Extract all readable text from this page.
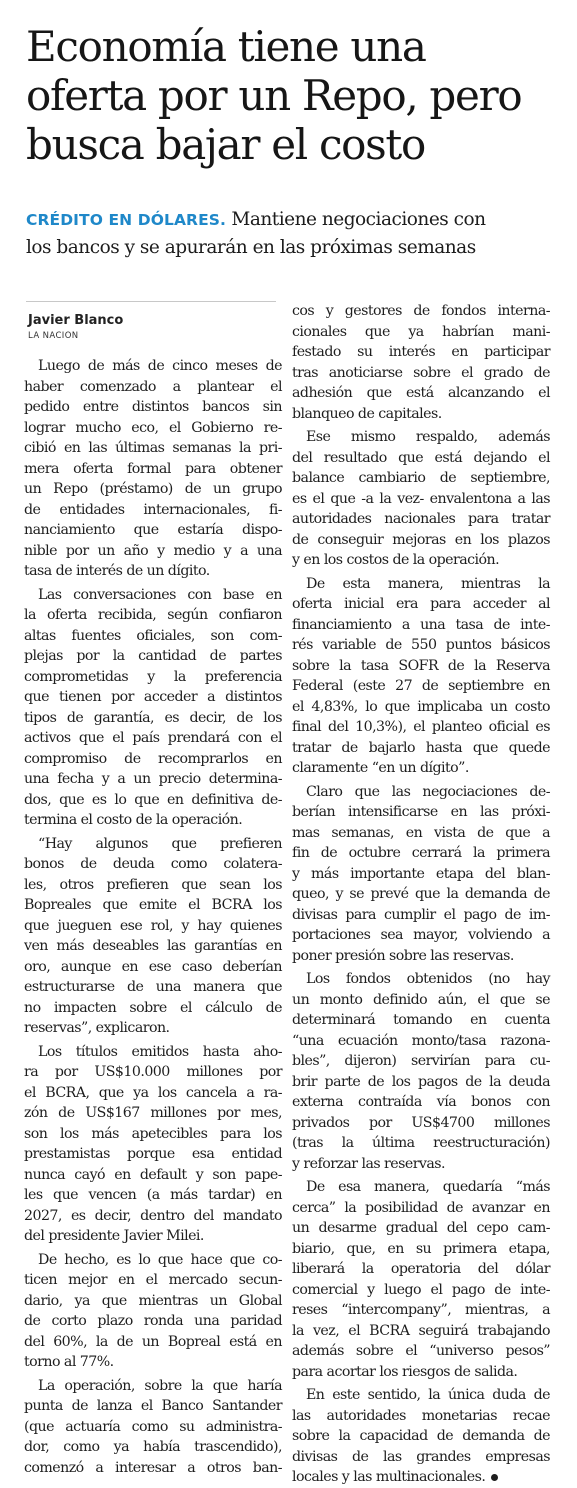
Economía tiene una
oferta por un Repo, pero
busca bajar el costo

CRÉDITO EN DÓLARES. Mantiene negociaciones con
los bancos y se apurarán en las próximas semanas

Javier Blanco
LA NACION
Luego de más de cinco meses de
haber comenzado a plantear el
pedido entre distintos bancos sin
lograr mucho eco, el Gobierno re-
cibió en las últimas semanas la pri-
mera oferta formal para obtener
un Repo (préstamo) de un grupo
de entidades internacionales, fi-
nanciamiento que estaría dispo-
nible por un año y medio y a una
tasa de interés de un dígito.
Las conversaciones con base en
la oferta recibida, según confiaron
altas fuentes oficiales, son com-
plejas por la cantidad de partes
comprometidas y la preferencia
que tienen por acceder a distintos
tipos de garantía, es decir, de los
activos que el país prendará con el
compromiso de recomprarlos en
una fecha y a un precio determina-
dos, que es lo que en definitiva de-
termina el costo de la operación.
“Hay algunos que prefieren
bonos de deuda como colatera-
les, otros prefieren que sean los
Bopreales que emite el BCRA los
que jueguen ese rol, y hay quienes
ven más deseables las garantías en
oro, aunque en ese caso deberían
estructurarse de una manera que
no impacten sobre el cálculo de
reservas”, explicaron.
Los títulos emitidos hasta aho-
ra por US$10.000 millones por
el BCRA, que ya los cancela a ra-
zón de US$167 millones por mes,
son los más apetecibles para los
prestamistas porque esa entidad
nunca cayó en default y son pape-
les que vencen (a más tardar) en
2027, es decir, dentro del mandato
del presidente Javier Milei.
De hecho, es lo que hace que co-
ticen mejor en el mercado secun-
dario, ya que mientras un Global
de corto plazo ronda una paridad
del 60%, la de un Bopreal está en
torno al 77%.
La operación, sobre la que haría
punta de lanza el Banco Santander
(que actuaría como su administra-
dor, como ya había trascendido),
comenzó a interesar a otros ban-
cos y gestores de fondos interna-
cionales que ya habrían mani-
festado su interés en participar
tras anoticiarse sobre el grado de
adhesión que está alcanzando el
blanqueo de capitales.
Ese mismo respaldo, además
del resultado que está dejando el
balance cambiario de septiembre,
es el que -a la vez- envalentona a las
autoridades nacionales para tratar
de conseguir mejoras en los plazos
y en los costos de la operación.
De esta manera, mientras la
oferta inicial era para acceder al
financiamiento a una tasa de inte-
rés variable de 550 puntos básicos
sobre la tasa SOFR de la Reserva
Federal (este 27 de septiembre en
el 4,83%, lo que implicaba un costo
final del 10,3%), el planteo oficial es
tratar de bajarlo hasta que quede
claramente “en un dígito”.
Claro que las negociaciones de-
berían intensificarse en las próxi-
mas semanas, en vista de que a
fin de octubre cerrará la primera
y más importante etapa del blan-
queo, y se prevé que la demanda de
divisas para cumplir el pago de im-
portaciones sea mayor, volviendo a
poner presión sobre las reservas.
Los fondos obtenidos (no hay
un monto definido aún, el que se
determinará tomando en cuenta
“una ecuación monto/tasa razona-
bles”, dijeron) servirían para cu-
brir parte de los pagos de la deuda
externa contraída vía bonos con
privados por US$4700 millones
(tras la última reestructuración)
y reforzar las reservas.
De esa manera, quedaría “más
cerca” la posibilidad de avanzar en
un desarme gradual del cepo cam-
biario, que, en su primera etapa,
liberará la operatoria del dólar
comercial y luego el pago de inte-
reses “intercompany”, mientras, a
la vez, el BCRA seguirá trabajando
además sobre el “universo pesos”
para acortar los riesgos de salida.
En este sentido, la única duda de
las autoridades monetarias recae
sobre la capacidad de demanda de
divisas de las grandes empresas
locales y las multinacionales.
